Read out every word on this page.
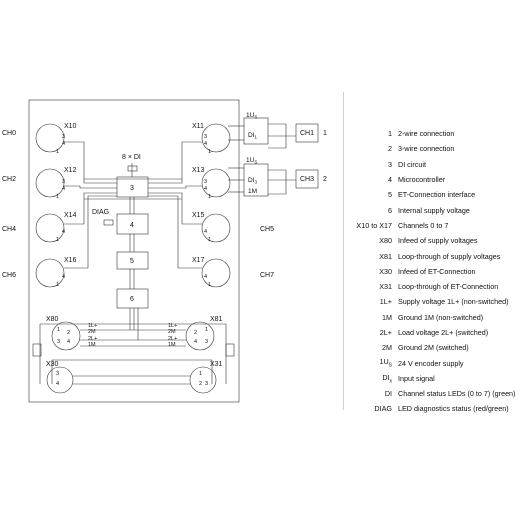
CH0
CH2
CH4
CH6
CH5
CH7
X10	X11
X12	X13
X14	X15
X16	X17
X80	X81
X30	X31
3
4
5
6
8 × DI
DIAG
CH1 1
CH3 2
$1U_S$
$DI_1$
$1U_S$
$DI_3$
1M
3
4
1
3
4
1
4
1
4
1
3
4
1
3
4
1
4
1
4
1
1 2
3 4
1
2
3
4
3
4
1
2 3
1L+
2M
2L+
1M
1L+
2M
2L+
1M
1 2-wire connection
2 3-wire connection
3 DI circuit
4 Microcontroller
5 ET-Connection interface
6 Internal supply voltage
X10 to X17 Channels 0 to 7
X80 Infeed of supply voltages
X81 Loop-through of supply voltages
X30 Infeed of ET-Connection
X31 Loop-through of ET-Connection
1L+ Supply voltage 1L+ (non-switched)
1M Ground 1M (non-switched)
2L+ Load voltage 2L+ (switched)
2M Ground 2M (switched)
$1U_S$ 24 V encoder supply
$DI_x$ Input signal
DI Channel status LEDs (0 to 7) (green)
DIAG LED diagnostics status (red/green)
